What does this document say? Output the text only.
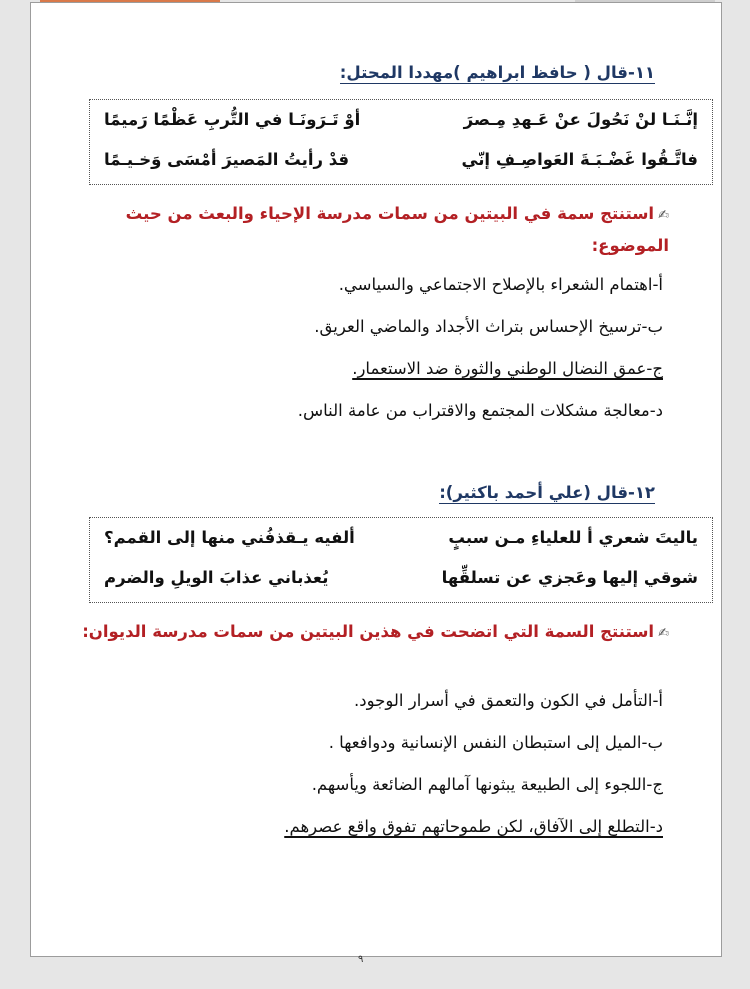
١١-قال ( حافظ ابراهيم )مهددا المحتل:
إنَّـنَـا لنْ نَحُولَ عنْ عَـهدِ مِـصرَ
أوْ تَـرَونَـا في التُّربِ عَظْمًا رَميمًا
فاتَّـقُوا غَضْـبَـةَ العَواصِـفِ إنّي
قدْ رأيتُ المَصيرَ أمْسَى وَخـيـمًا
✍استنتج سمة في البيتين من سمات مدرسة الإحياء والبعث من حيث الموضوع:
أ-اهتمام الشعراء بالإصلاح الاجتماعي والسياسي.
ب-ترسيخ الإحساس بتراث الأجداد والماضي العريق.
ج-عمق النضال الوطني والثورة ضد الاستعمار.
د-معالجة مشكلات المجتمع والاقتراب من عامة الناس.
١٢-قال (علي أحمد باكثير):
ياليتَ شعري أ للعلياءِ مـن سببٍ
ألفيه يـقذفُني منها إلى القمم؟
شوقي إليها وعَجزي عن تسلقِّها
يُعذباني عذابَ الويلِ والضرم
✍استنتج السمة التي اتضحت في هذين البيتين من سمات مدرسة الديوان:
أ-التأمل في الكون والتعمق في أسرار الوجود.
ب-الميل إلى استبطان النفس الإنسانية ودوافعها .
ج-اللجوء إلى الطبيعة يبثونها آمالهم الضائعة ويأسهم.
د-التطلع إلى الآفاق، لكن طموحاتهم تفوق واقع عصرهم.
٩
